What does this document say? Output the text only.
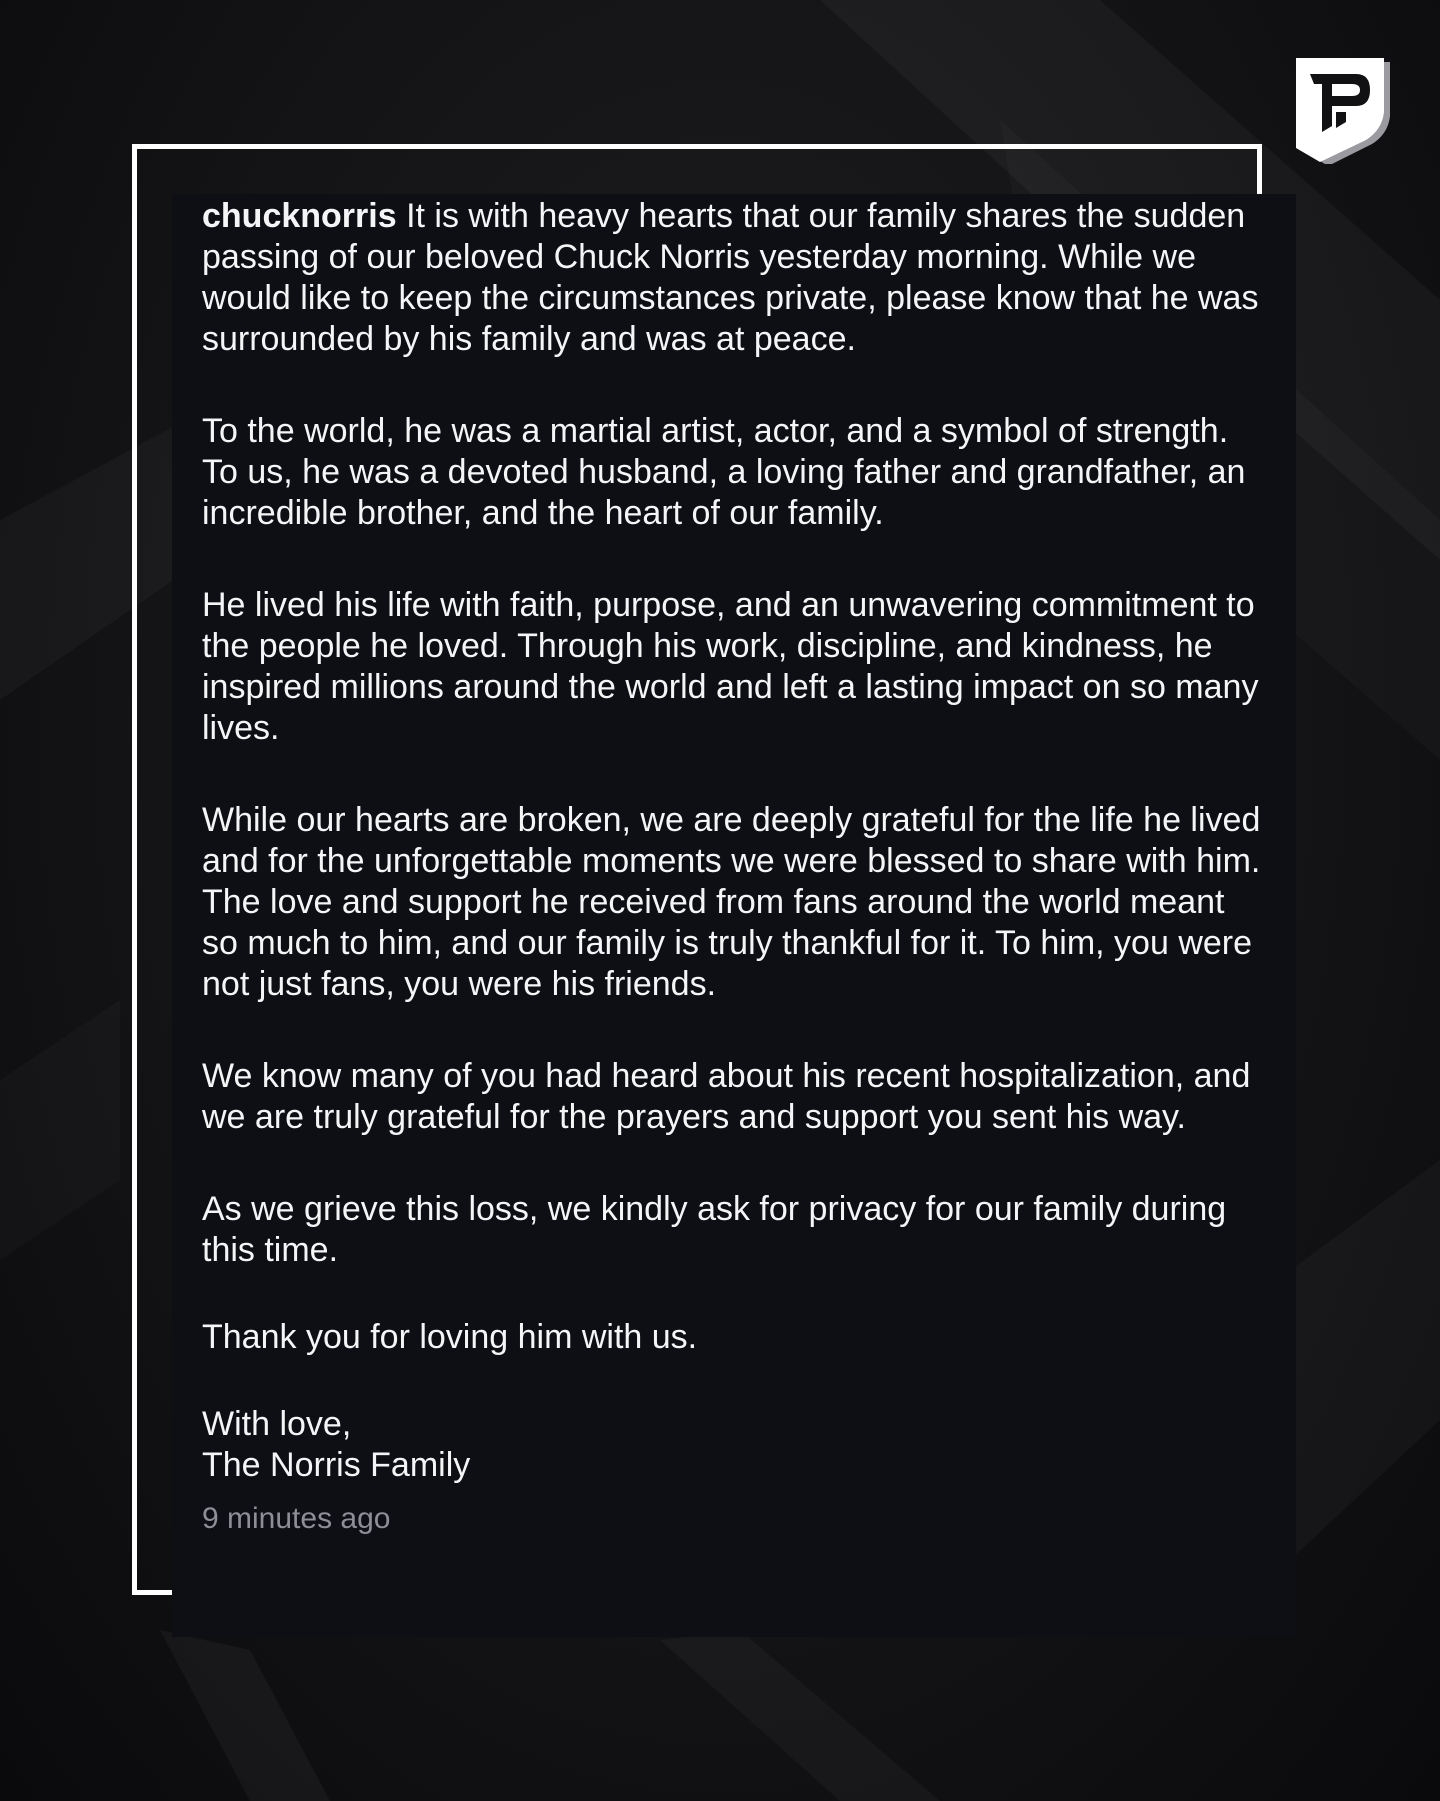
chucknorris It is with heavy hearts that our family shares the sudden passing of our beloved Chuck Norris yesterday morning. While we would like to keep the circumstances private, please know that he was surrounded by his family and was at peace.

To the world, he was a martial artist, actor, and a symbol of strength. To us, he was a devoted husband, a loving father and grandfather, an incredible brother, and the heart of our family.

He lived his life with faith, purpose, and an unwavering commitment to the people he loved. Through his work, discipline, and kindness, he inspired millions around the world and left a lasting impact on so many lives.

While our hearts are broken, we are deeply grateful for the life he lived and for the unforgettable moments we were blessed to share with him. The love and support he received from fans around the world meant so much to him, and our family is truly thankful for it. To him, you were not just fans, you were his friends.

We know many of you had heard about his recent hospitalization, and we are truly grateful for the prayers and support you sent his way.

As we grieve this loss, we kindly ask for privacy for our family during this time.

Thank you for loving him with us.

With love,
The Norris Family

9 minutes ago
